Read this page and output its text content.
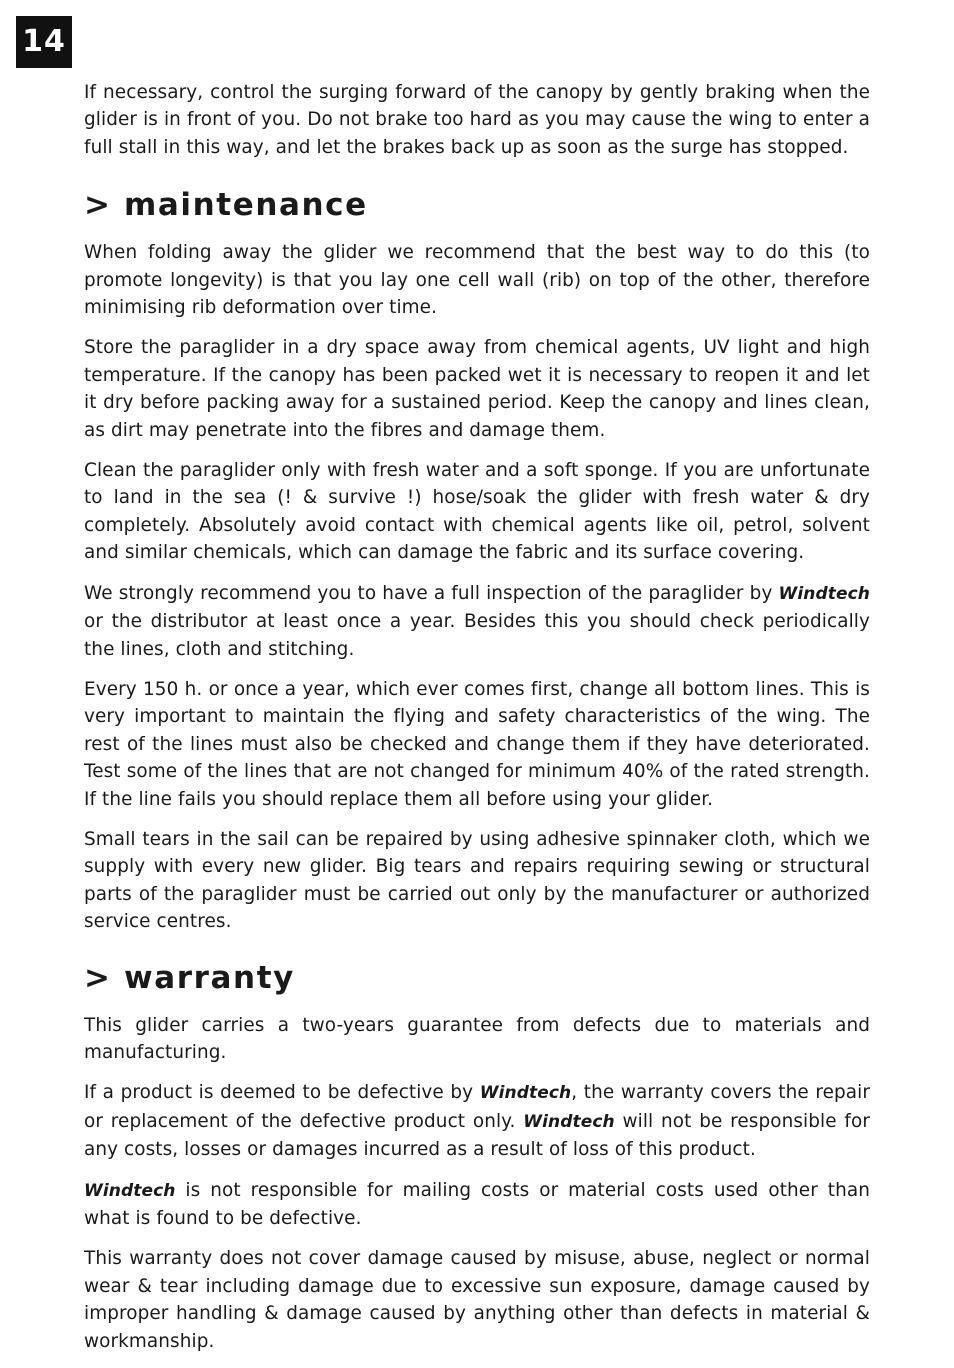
14

If necessary, control the surging forward of the canopy by gently braking when the glider is in front of you. Do not brake too hard as you may cause the wing to enter a full stall in this way, and let the brakes back up as soon as the surge has stopped.

> maintenance

When folding away the glider we recommend that the best way to do this (to promote longevity) is that you lay one cell wall (rib) on top of the other, therefore minimising rib deformation over time.

Store the paraglider in a dry space away from chemical agents, UV light and high temperature. If the canopy has been packed wet it is necessary to reopen it and let it dry before packing away for a sustained period. Keep the canopy and lines clean, as dirt may penetrate into the fibres and damage them.

Clean the paraglider only with fresh water and a soft sponge. If you are unfortunate to land in the sea (! & survive !) hose/soak the glider with fresh water & dry completely. Absolutely avoid contact with chemical agents like oil, petrol, solvent and similar chemicals, which can damage the fabric and its surface covering.

We strongly recommend you to have a full inspection of the paraglider by Windtech or the distributor at least once a year. Besides this you should check periodically the lines, cloth and stitching.

Every 150 h. or once a year, which ever comes first, change all bottom lines. This is very important to maintain the flying and safety characteristics of the wing. The rest of the lines must also be checked and change them if they have deteriorated. Test some of the lines that are not changed for minimum 40% of the rated strength. If the line fails you should replace them all before using your glider.

Small tears in the sail can be repaired by using adhesive spinnaker cloth, which we supply with every new glider. Big tears and repairs requiring sewing or structural parts of the paraglider must be carried out only by the manufacturer or authorized service centres.

> warranty

This glider carries a two-years guarantee from defects due to materials and manufacturing.

If a product is deemed to be defective by Windtech, the warranty covers the repair or replacement of the defective product only. Windtech will not be responsible for any costs, losses or damages incurred as a result of loss of this product.

Windtech is not responsible for mailing costs or material costs used other than what is found to be defective.

This warranty does not cover damage caused by misuse, abuse, neglect or normal wear & tear including damage due to excessive sun exposure, damage caused by improper handling & damage caused by anything other than defects in material & workmanship.
